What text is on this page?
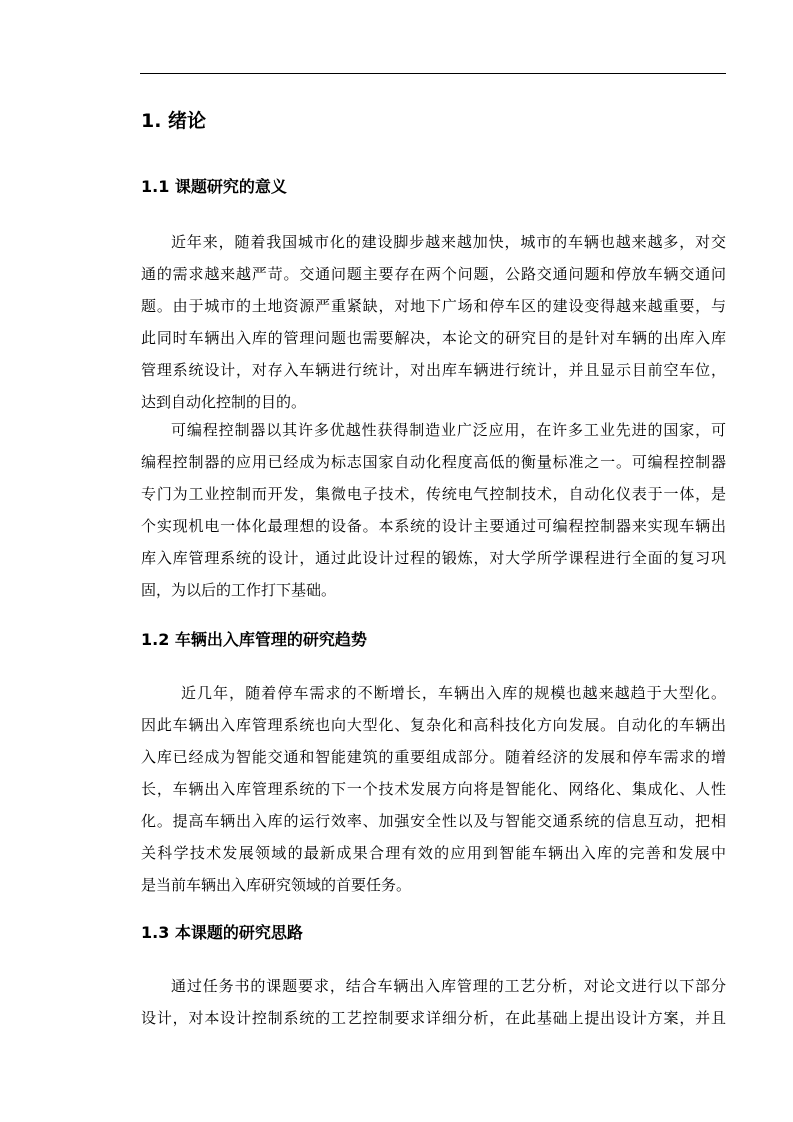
1. 绪论
1.1 课题研究的意义
近年来，随着我国城市化的建设脚步越来越加快，城市的车辆也越来越多，对交
通的需求越来越严苛。交通问题主要存在两个问题，公路交通问题和停放车辆交通问
题。由于城市的土地资源严重紧缺，对地下广场和停车区的建设变得越来越重要，与
此同时车辆出入库的管理问题也需要解决，本论文的研究目的是针对车辆的出库入库
管理系统设计，对存入车辆进行统计，对出库车辆进行统计，并且显示目前空车位，
达到自动化控制的目的。
可编程控制器以其许多优越性获得制造业广泛应用，在许多工业先进的国家，可
编程控制器的应用已经成为标志国家自动化程度高低的衡量标准之一。可编程控制器
专门为工业控制而开发，集微电子技术，传统电气控制技术，自动化仪表于一体，是
个实现机电一体化最理想的设备。本系统的设计主要通过可编程控制器来实现车辆出
库入库管理系统的设计，通过此设计过程的锻炼，对大学所学课程进行全面的复习巩
固，为以后的工作打下基础。
1.2 车辆出入库管理的研究趋势
近几年，随着停车需求的不断增长，车辆出入库的规模也越来越趋于大型化。
因此车辆出入库管理系统也向大型化、复杂化和高科技化方向发展。自动化的车辆出
入库已经成为智能交通和智能建筑的重要组成部分。随着经济的发展和停车需求的增
长，车辆出入库管理系统的下一个技术发展方向将是智能化、网络化、集成化、人性
化。提高车辆出入库的运行效率、加强安全性以及与智能交通系统的信息互动，把相
关科学技术发展领域的最新成果合理有效的应用到智能车辆出入库的完善和发展中
是当前车辆出入库研究领域的首要任务。
1.3 本课题的研究思路
通过任务书的课题要求，结合车辆出入库管理的工艺分析，对论文进行以下部分
设计，对本设计控制系统的工艺控制要求详细分析，在此基础上提出设计方案，并且
